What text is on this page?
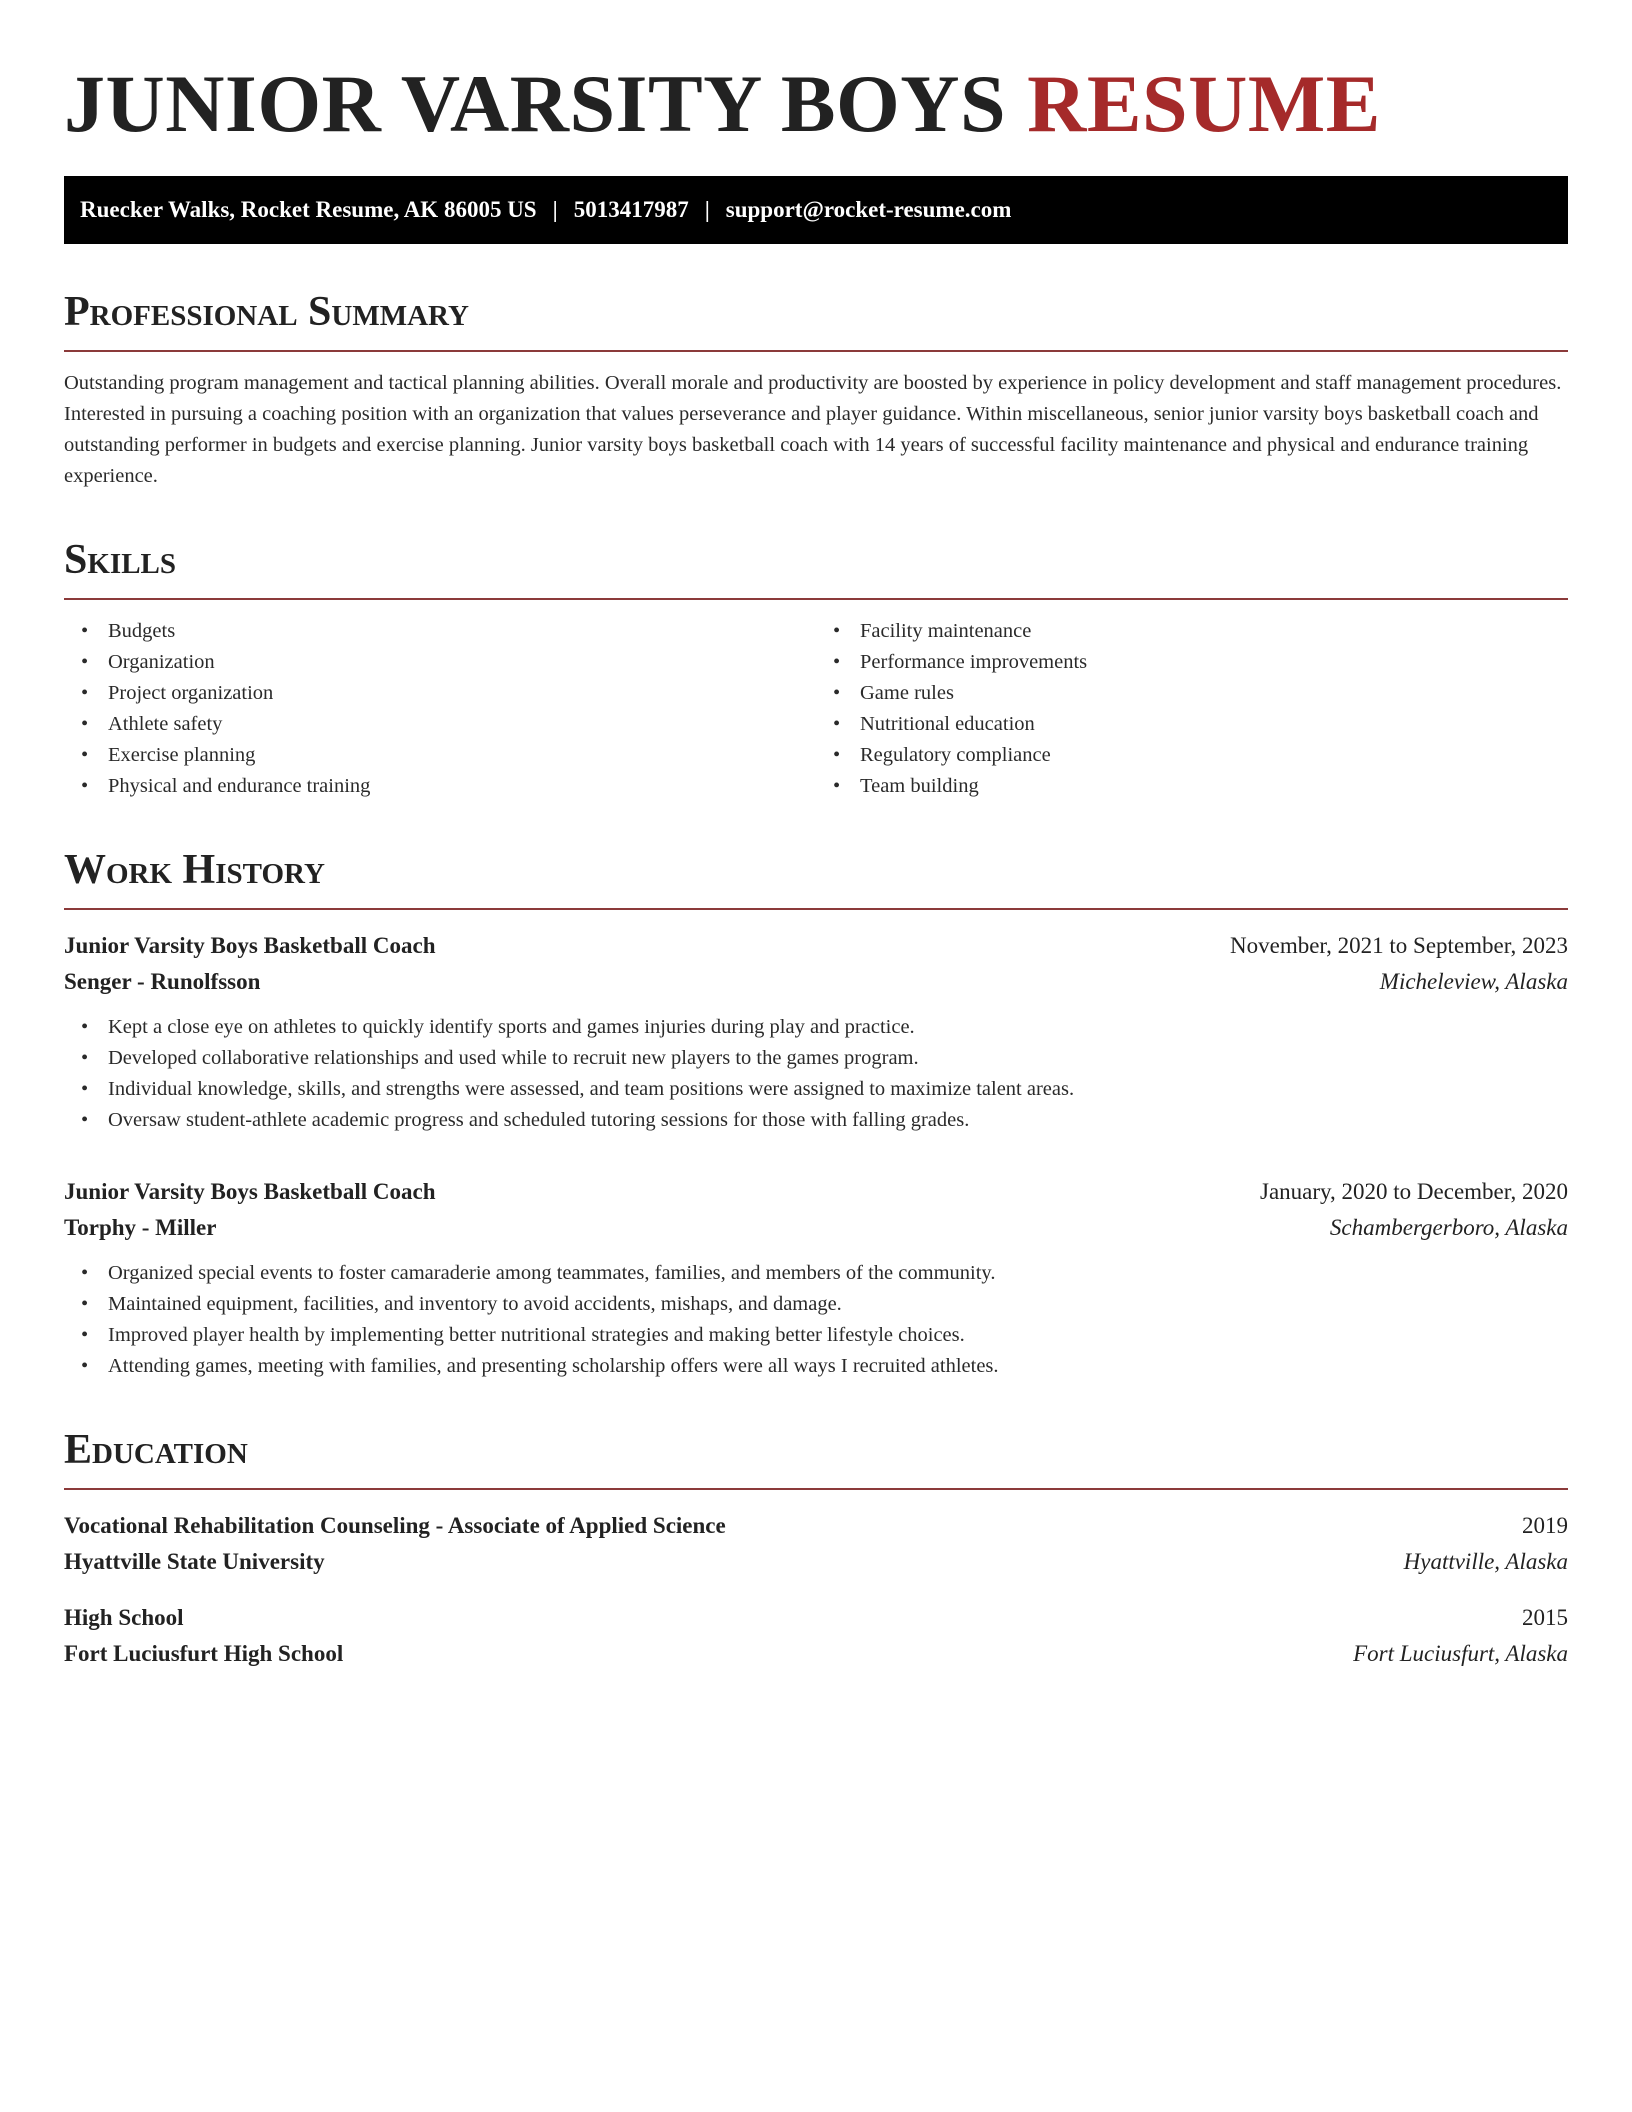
JUNIOR VARSITY BOYS RESUME
Ruecker Walks, Rocket Resume, AK 86005 US | 5013417987 | support@rocket-resume.com
Professional Summary

Outstanding program management and tactical planning abilities. Overall morale and productivity are boosted by experience in policy development and staff management procedures. Interested in pursuing a coaching position with an organization that values perseverance and player guidance. Within miscellaneous, senior junior varsity boys basketball coach and outstanding performer in budgets and exercise planning. Junior varsity boys basketball coach with 14 years of successful facility maintenance and physical and endurance training experience.

Skills
• Budgets
• Organization
• Project organization
• Athlete safety
• Exercise planning
• Physical and endurance training
• Facility maintenance
• Performance improvements
• Game rules
• Nutritional education
• Regulatory compliance
• Team building
Work History
Junior Varsity Boys Basketball Coach	November, 2021 to September, 2023
Senger - Runolfsson	Micheleview, Alaska
• Kept a close eye on athletes to quickly identify sports and games injuries during play and practice.
• Developed collaborative relationships and used while to recruit new players to the games program.
• Individual knowledge, skills, and strengths were assessed, and team positions were assigned to maximize talent areas.
• Oversaw student-athlete academic progress and scheduled tutoring sessions for those with falling grades.
Junior Varsity Boys Basketball Coach	January, 2020 to December, 2020
Torphy - Miller	Schambergerboro, Alaska
• Organized special events to foster camaraderie among teammates, families, and members of the community.
• Maintained equipment, facilities, and inventory to avoid accidents, mishaps, and damage.
• Improved player health by implementing better nutritional strategies and making better lifestyle choices.
• Attending games, meeting with families, and presenting scholarship offers were all ways I recruited athletes.
Education
Vocational Rehabilitation Counseling - Associate of Applied Science	2019
Hyattville State University	Hyattville, Alaska
High School	2015
Fort Luciusfurt High School	Fort Luciusfurt, Alaska
